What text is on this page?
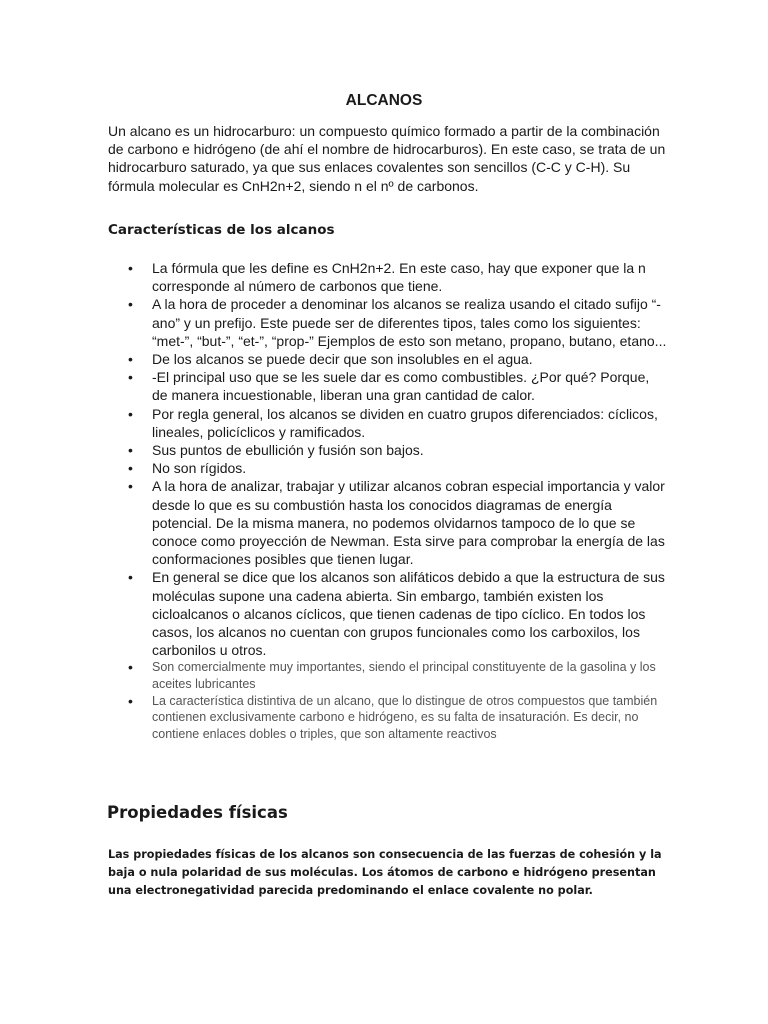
ALCANOS

Un alcano es un hidrocarburo: un compuesto químico formado a partir de la combinación de carbono e hidrógeno (de ahí el nombre de hidrocarburos). En este caso, se trata de un hidrocarburo saturado, ya que sus enlaces covalentes son sencillos (C-C y C-H). Su fórmula molecular es CnH2n+2, siendo n el nº de carbonos.

Características de los alcanos
• La fórmula que les define es CnH2n+2. En este caso, hay que exponer que la n corresponde al número de carbonos que tiene.
• A la hora de proceder a denominar los alcanos se realiza usando el citado sufijo “-ano” y un prefijo. Este puede ser de diferentes tipos, tales como los siguientes: “met-”, “but-”, “et-”, “prop-” Ejemplos de esto son metano, propano, butano, etano...
• De los alcanos se puede decir que son insolubles en el agua.
• -El principal uso que se les suele dar es como combustibles. ¿Por qué? Porque, de manera incuestionable, liberan una gran cantidad de calor.
• Por regla general, los alcanos se dividen en cuatro grupos diferenciados: cíclicos, lineales, policíclicos y ramificados.
• Sus puntos de ebullición y fusión son bajos.
• No son rígidos.
• A la hora de analizar, trabajar y utilizar alcanos cobran especial importancia y valor desde lo que es su combustión hasta los conocidos diagramas de energía potencial. De la misma manera, no podemos olvidarnos tampoco de lo que se conoce como proyección de Newman. Esta sirve para comprobar la energía de las conformaciones posibles que tienen lugar.
• En general se dice que los alcanos son alifáticos debido a que la estructura de sus moléculas supone una cadena abierta. Sin embargo, también existen los cicloalcanos o alcanos cíclicos, que tienen cadenas de tipo cíclico. En todos los casos, los alcanos no cuentan con grupos funcionales como los carboxilos, los carbonilos u otros.
• Son comercialmente muy importantes, siendo el principal constituyente de la gasolina y los aceites lubricantes
• La característica distintiva de un alcano, que lo distingue de otros compuestos que también contienen exclusivamente carbono e hidrógeno, es su falta de insaturación. Es decir, no contiene enlaces dobles o triples, que son altamente reactivos
Propiedades físicas

Las propiedades físicas de los alcanos son consecuencia de las fuerzas de cohesión y la baja o nula polaridad de sus moléculas. Los átomos de carbono e hidrógeno presentan una electronegatividad parecida predominando el enlace covalente no polar.
